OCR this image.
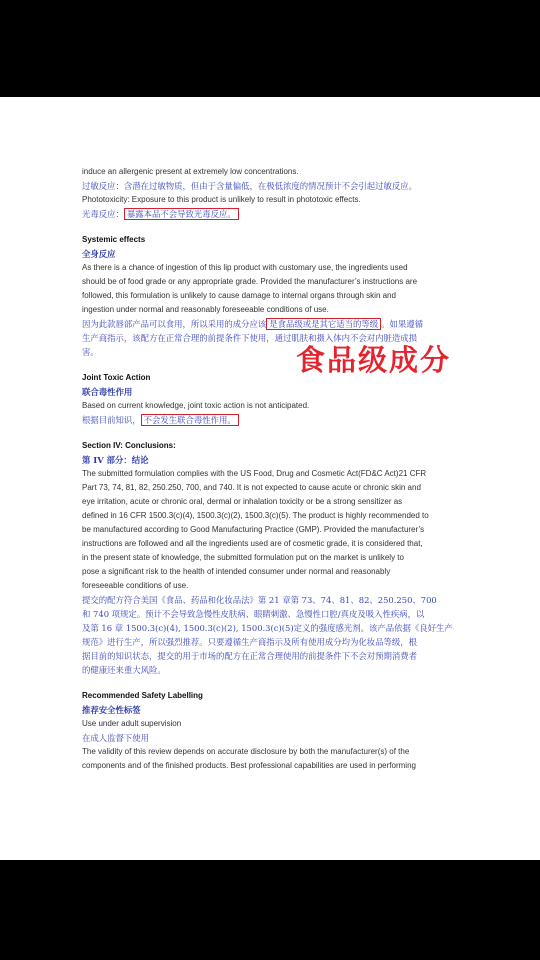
induce an allergenic present at extremely low concentrations.

过敏反应：含潜在过敏物质，但由于含量偏低，在极低浓度的情况预计不会引起过敏反应。

Phototoxicity: Exposure to this product is unlikely to result in phototoxic effects.

光毒反应： 暴露本品不会导致光毒反应。

Systemic effects

全身反应

As there is a chance of ingestion of this lip product with customary use, the ingredients used

should be of food grade or any appropriate grade. Provided the manufacturer’s instructions are

followed, this formulation is unlikely to cause damage to internal organs through skin and

ingestion under normal and reasonably foreseeable conditions of use.

因为此款唇部产品可以食用，所以采用的成分应该 是食品级或是其它适当的等级 。如果遵循

生产商指示，该配方在正常合理的前提条件下使用，通过肌肤和摄入体内不会对内脏造成损

害。

Joint Toxic Action

联合毒性作用

Based on current knowledge, joint toxic action is not anticipated.

根据目前知识， 不会发生联合毒性作用。

Section IV: Conclusions:

第 IV 部分：结论

The submitted formulation complies with the US Food, Drug and Cosmetic Act(FD&C Act)21 CFR

Part 73, 74, 81, 82, 250.250, 700, and 740. It is not expected to cause acute or chronic skin and

eye irritation, acute or chronic oral, dermal or inhalation toxicity or be a strong sensitizer as

defined in 16 CFR 1500.3(c)(4), 1500.3(c)(2), 1500.3(c)(5). The product is highly recommended to

be manufactured according to Good Manufacturing Practice (GMP). Provided the manufacturer’s

instructions are followed and all the ingredients used are of cosmetic grade, it is considered that,

in the present state of knowledge, the submitted formulation put on the market is unlikely to

pose a significant risk to the health of intended consumer under normal and reasonably

foreseeable conditions of use.

提交的配方符合美国《食品、药品和化妆品法》第 21 章第 73、74、81、82、250.250、700

和 740 项规定。预计不会导致急慢性皮肤病、眼睛刺激、急慢性口腔/真皮及吸入性疾病，以

及第 16 章 1500.3(c)(4), 1500.3(c)(2), 1500.3(c)(5)定义的强度感光剂。该产品依据《良好生产

规范》进行生产，所以强烈推荐。只要遵循生产商指示及所有使用成分均为化妆品等级，根

据目前的知识状态，提交的用于市场的配方在正常合理使用的前提条件下不会对预期消费者

的健康还来重大风险。

Recommended Safety Labelling

推荐安全性标签

Use under adult supervision

在成人监督下使用

The validity of this review depends on accurate disclosure by both the manufacturer(s) of the

components and of the finished products. Best professional capabilities are used in performing

食品级成分
